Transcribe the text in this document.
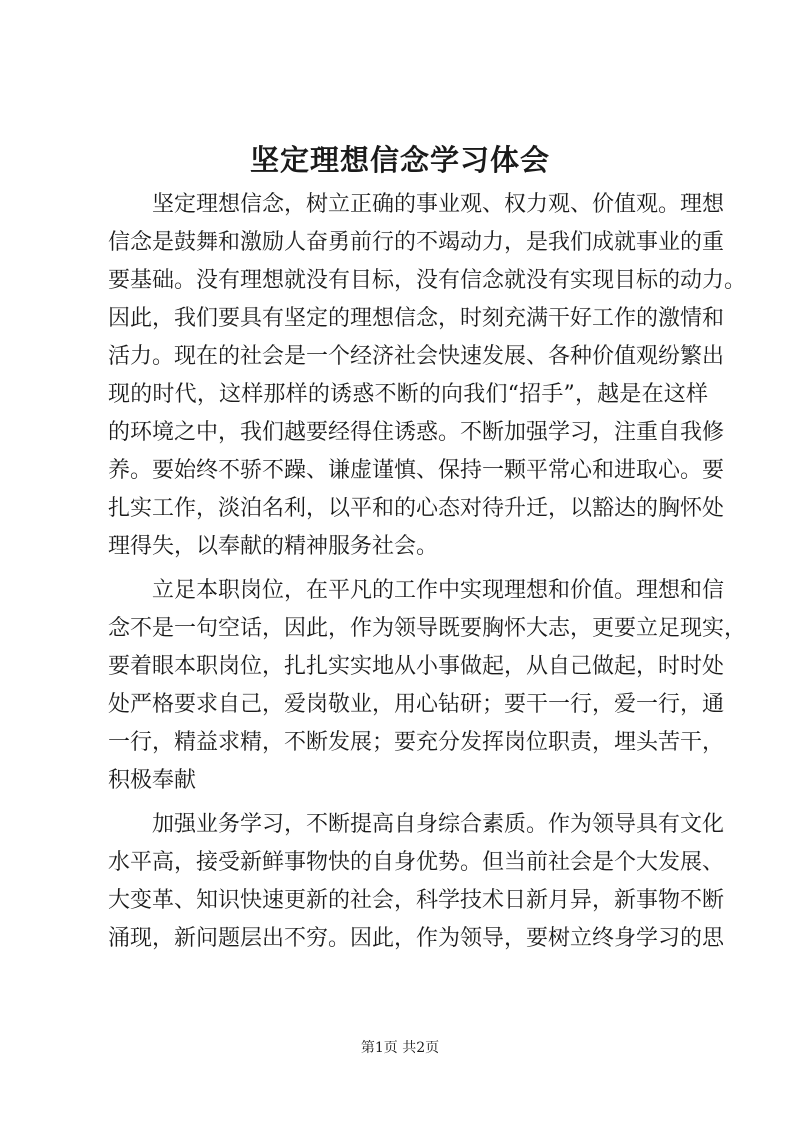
坚定理想信念学习体会
　　坚定理想信念，树立正确的事业观、权力观、价值观。理想
信念是鼓舞和激励人奋勇前行的不竭动力，是我们成就事业的重
要基础。没有理想就没有目标，没有信念就没有实现目标的动力。
因此，我们要具有坚定的理想信念，时刻充满干好工作的激情和
活力。现在的社会是一个经济社会快速发展、各种价值观纷繁出
现的时代，这样那样的诱惑不断的向我们“招手”，越是在这样
的环境之中，我们越要经得住诱惑。不断加强学习，注重自我修
养。要始终不骄不躁、谦虚谨慎、保持一颗平常心和进取心。要
扎实工作，淡泊名利，以平和的心态对待升迁，以豁达的胸怀处
理得失，以奉献的精神服务社会。
　　立足本职岗位，在平凡的工作中实现理想和价值。理想和信
念不是一句空话，因此，作为领导既要胸怀大志，更要立足现实，
要着眼本职岗位，扎扎实实地从小事做起，从自己做起，时时处
处严格要求自己，爱岗敬业，用心钻研；要干一行，爱一行，通
一行，精益求精，不断发展；要充分发挥岗位职责，埋头苦干，
积极奉献
　　加强业务学习，不断提高自身综合素质。作为领导具有文化
水平高，接受新鲜事物快的自身优势。但当前社会是个大发展、
大变革、知识快速更新的社会，科学技术日新月异，新事物不断
涌现，新问题层出不穷。因此，作为领导，要树立终身学习的思
第1页 共2页
